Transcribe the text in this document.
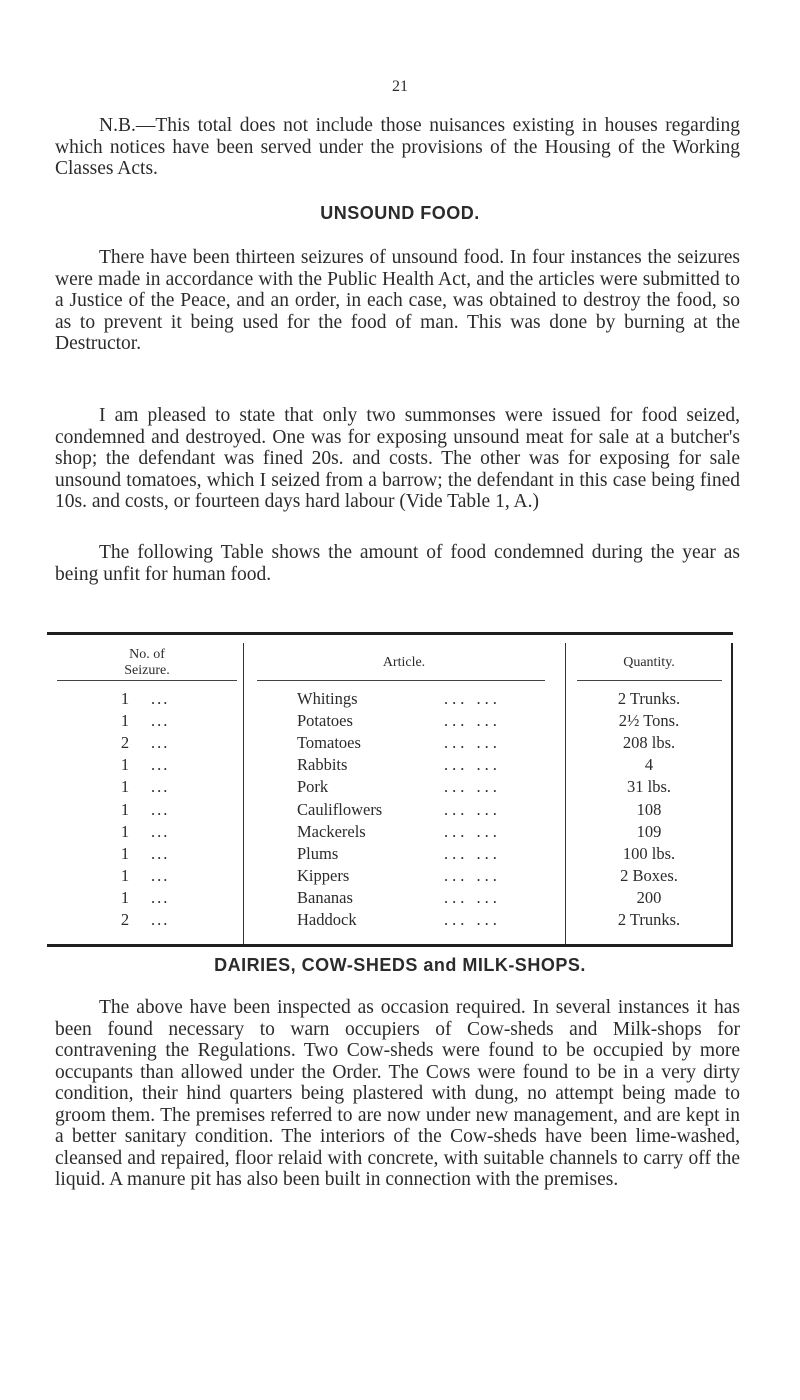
21

N.B.—This total does not include those nuisances existing in houses regarding which notices have been served under the provisions of the Housing of the Working Classes Acts.

UNSOUND FOOD.

There have been thirteen seizures of unsound food. In four instances the seizures were made in accordance with the Public Health Act, and the articles were submitted to a Justice of the Peace, and an order, in each case, was obtained to destroy the food, so as to prevent it being used for the food of man. This was done by burning at the Destructor.

I am pleased to state that only two summonses were issued for food seized, condemned and destroyed. One was for exposing unsound meat for sale at a butcher's shop; the defendant was fined 20s. and costs. The other was for exposing for sale unsound tomatoes, which I seized from a barrow; the defendant in this case being fined 10s. and costs, or fourteen days hard labour (Vide Table 1, A.)

The following Table shows the amount of food condemned during the year as being unfit for human food.

No. of
Seizure.
Article.	Quantity.
1	...	Whitings	... ...	2 Trunks.
1	...	Potatoes	... ...	2½ Tons.
2	...	Tomatoes	... ...	208 lbs.
1	...	Rabbits	... ...	4
1	...	Pork	... ...	31 lbs.
1	...	Cauliflowers	... ...	108
1	...	Mackerels	... ...	109
1	...	Plums	... ...	100 lbs.
1	...	Kippers	... ...	2 Boxes.
1	...	Bananas	... ...	200
2	...	Haddock	... ...	2 Trunks.
DAIRIES, COW-SHEDS and MILK-SHOPS.

The above have been inspected as occasion required. In several instances it has been found necessary to warn occupiers of Cow-sheds and Milk-shops for contravening the Regulations. Two Cow-sheds were found to be occupied by more occupants than allowed under the Order. The Cows were found to be in a very dirty condition, their hind quarters being plastered with dung, no attempt being made to groom them. The premises referred to are now under new management, and are kept in a better sanitary condition. The interiors of the Cow-sheds have been lime-washed, cleansed and repaired, floor relaid with concrete, with suitable channels to carry off the liquid. A manure pit has also been built in connection with the premises.
